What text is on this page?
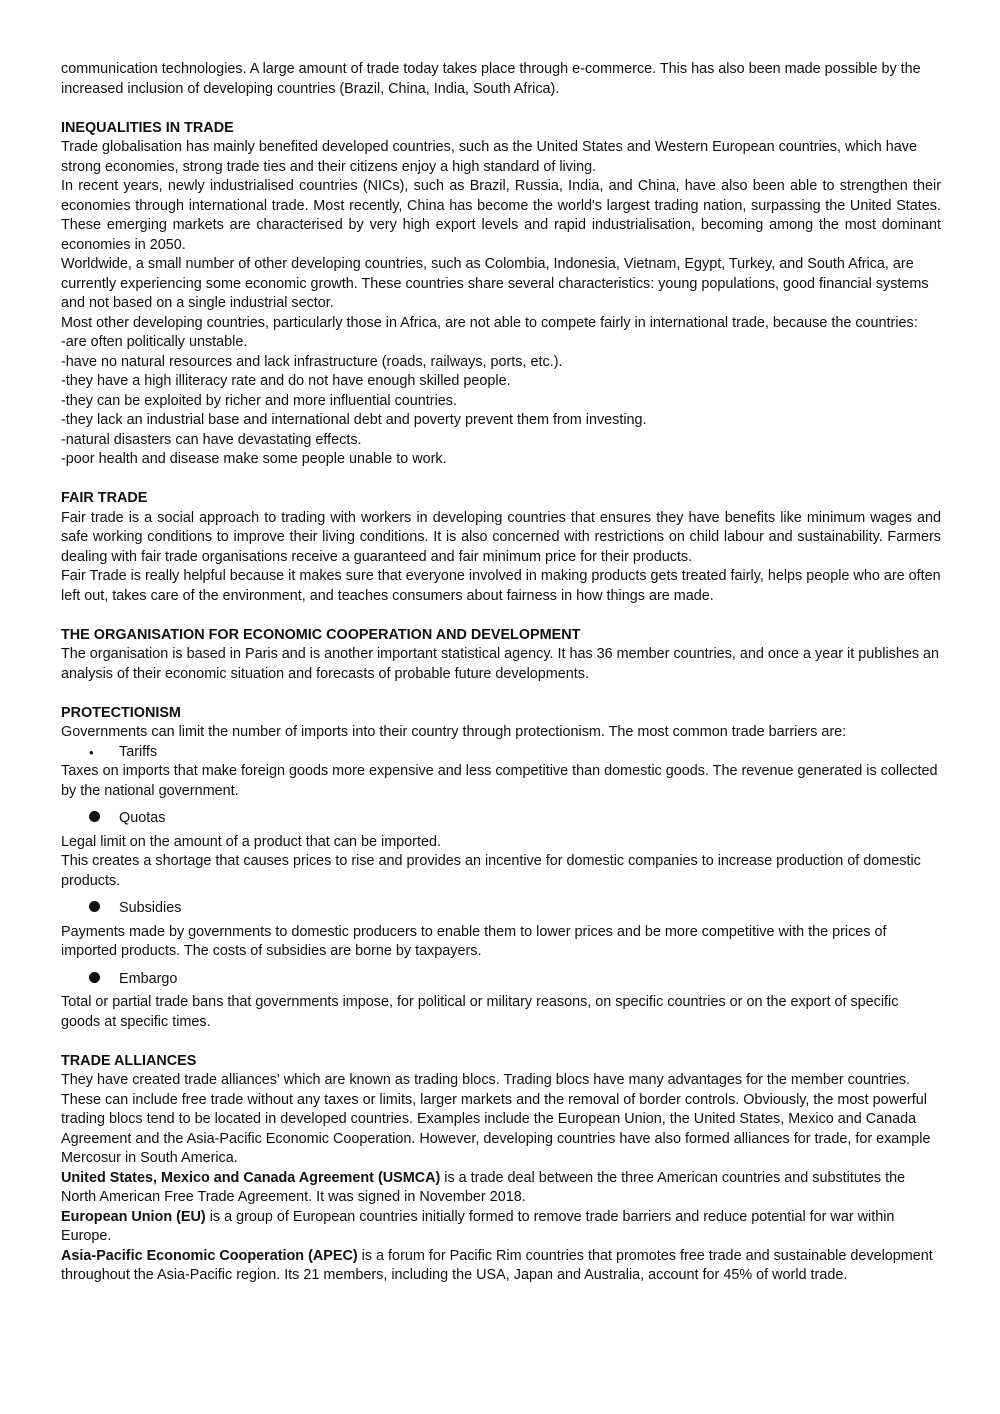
communication technologies. A large amount of trade today takes place through e-commerce. This has also been made possible by the increased inclusion of developing countries (Brazil, China, India, South Africa).

INEQUALITIES IN TRADE

Trade globalisation has mainly benefited developed countries, such as the United States and Western European countries, which have strong economies, strong trade ties and their citizens enjoy a high standard of living.

In recent years, newly industrialised countries (NICs), such as Brazil, Russia, India, and China, have also been able to strengthen their economies through international trade. Most recently, China has become the world's largest trading nation, surpassing the United States. These emerging markets are characterised by very high export levels and rapid industrialisation, becoming among the most dominant economies in 2050.

Worldwide, a small number of other developing countries, such as Colombia, Indonesia, Vietnam, Egypt, Turkey, and South Africa, are currently experiencing some economic growth. These countries share several characteristics: young populations, good financial systems and not based on a single industrial sector.

Most other developing countries, particularly those in Africa, are not able to compete fairly in international trade, because the countries:

-are often politically unstable.

-have no natural resources and lack infrastructure (roads, railways, ports, etc.).

-they have a high illiteracy rate and do not have enough skilled people.

-they can be exploited by richer and more influential countries.

-they lack an industrial base and international debt and poverty prevent them from investing.

-natural disasters can have devastating effects.

-poor health and disease make some people unable to work.

FAIR TRADE

Fair trade is a social approach to trading with workers in developing countries that ensures they have benefits like minimum wages and safe working conditions to improve their living conditions. It is also concerned with restrictions on child labour and sustainability. Farmers dealing with fair trade organisations receive a guaranteed and fair minimum price for their products.

Fair Trade is really helpful because it makes sure that everyone involved in making products gets treated fairly, helps people who are often left out, takes care of the environment, and teaches consumers about fairness in how things are made.

THE ORGANISATION FOR ECONOMIC COOPERATION AND DEVELOPMENT

The organisation is based in Paris and is another important statistical agency. It has 36 member countries, and once a year it publishes an analysis of their economic situation and forecasts of probable future developments.

PROTECTIONISM

Governments can limit the number of imports into their country through protectionism. The most common trade barriers are:

•	Tariffs

Taxes on imports that make foreign goods more expensive and less competitive than domestic goods. The revenue generated is collected by the national government.

Quotas

Legal limit on the amount of a product that can be imported.

This creates a shortage that causes prices to rise and provides an incentive for domestic companies to increase production of domestic products.

Subsidies

Payments made by governments to domestic producers to enable them to lower prices and be more competitive with the prices of imported products. The costs of subsidies are borne by taxpayers.

Embargo

Total or partial trade bans that governments impose, for political or military reasons, on specific countries or on the export of specific goods at specific times.

TRADE ALLIANCES

They have created trade alliances' which are known as trading blocs. Trading blocs have many advantages for the member countries. These can include free trade without any taxes or limits, larger markets and the removal of border controls. Obviously, the most powerful trading blocs tend to be located in developed countries. Examples include the European Union, the United States, Mexico and Canada Agreement and the Asia-Pacific Economic Cooperation. However, developing countries have also formed alliances for trade, for example Mercosur in South America.

United States, Mexico and Canada Agreement (USMCA) is a trade deal between the three American countries and substitutes the North American Free Trade Agreement. It was signed in November 2018.

European Union (EU) is a group of European countries initially formed to remove trade barriers and reduce potential for war within Europe.

Asia-Pacific Economic Cooperation (APEC) is a forum for Pacific Rim countries that promotes free trade and sustainable development throughout the Asia-Pacific region. Its 21 members, including the USA, Japan and Australia, account for 45% of world trade.
